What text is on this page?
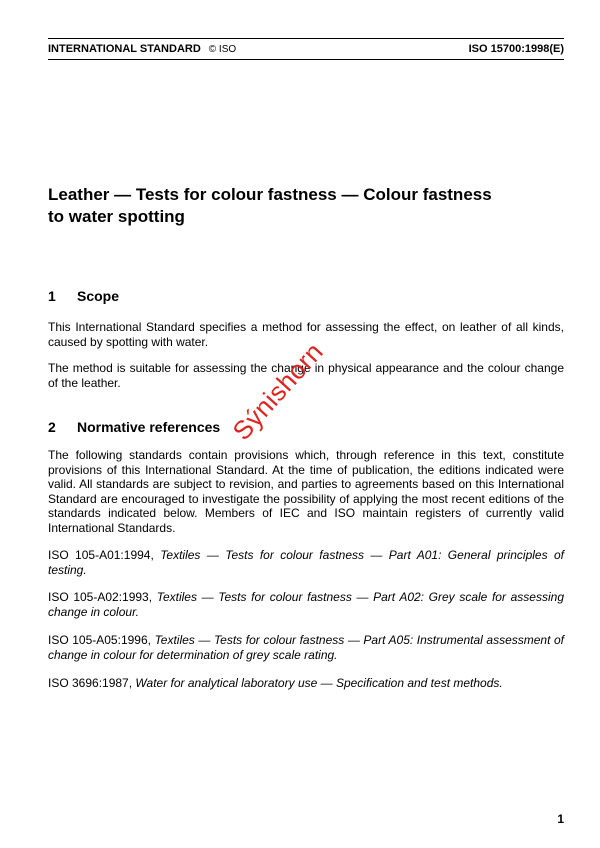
INTERNATIONAL STANDARD © ISO	ISO 15700:1998(E)
Leather — Tests for colour fastness — Colour fastness
to water spotting
1 Scope
This International Standard specifies a method for assessing the effect, on leather of all kinds, caused by spotting with water.
The method is suitable for assessing the change in physical appearance and the colour change of the leather.
2 Normative references
The following standards contain provisions which, through reference in this text, constitute provisions of this International Standard. At the time of publication, the editions indicated were valid. All standards are subject to revision, and parties to agreements based on this International Standard are encouraged to investigate the possibility of applying the most recent editions of the standards indicated below. Members of IEC and ISO maintain registers of currently valid International Standards.
ISO 105-A01:1994, Textiles — Tests for colour fastness — Part A01: General principles of testing.
ISO 105-A02:1993, Textiles — Tests for colour fastness — Part A02: Grey scale for assessing change in colour.
ISO 105-A05:1996, Textiles — Tests for colour fastness — Part A05: Instrumental assessment of change in colour for determination of grey scale rating.
ISO 3696:1987, Water for analytical laboratory use — Specification and test methods.
Sýnishorn
1
